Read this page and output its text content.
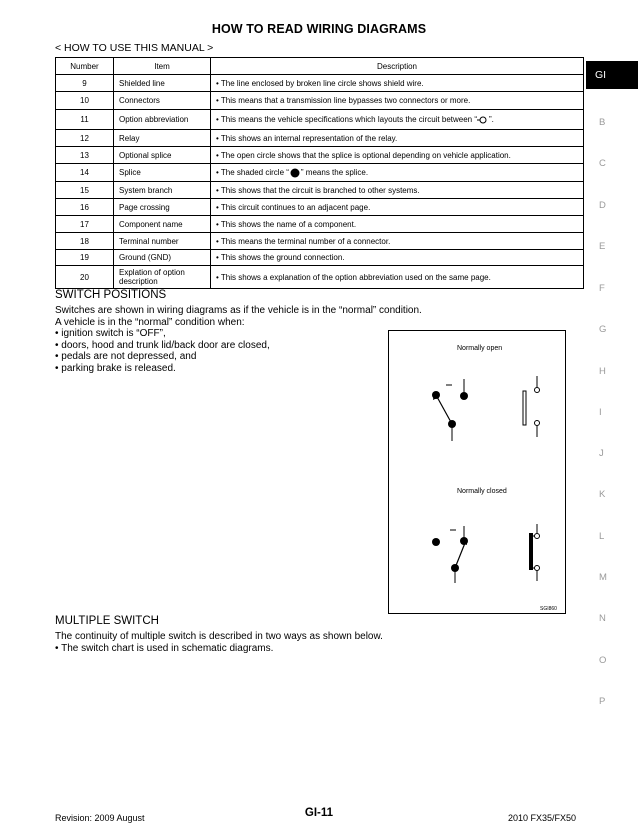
HOW TO READ WIRING DIAGRAMS
< HOW TO USE THIS MANUAL >
Number	Item	Description
9	Shielded line	• The line enclosed by broken line circle shows shield wire.
10	Connectors	• This means that a transmission line bypasses two connectors or more.
11	Option abbreviation	• This means the vehicle specifications which layouts the circuit between “ ”.
12	Relay	• This shows an internal representation of the relay.
13	Optional splice	• The open circle shows that the splice is optional depending on vehicle application.
14	Splice	• The shaded circle “ ” means the splice.
15	System branch	• This shows that the circuit is branched to other systems.
16	Page crossing	• This circuit continues to an adjacent page.
17	Component name	• This shows the name of a component.
18	Terminal number	• This means the terminal number of a connector.
19	Ground (GND)	• This shows the ground connection.
20	Explation of option description	• This shows a explanation of the option abbreviation used on the same page.
SWITCH POSITIONS
Switches are shown in wiring diagrams as if the vehicle is in the “normal” condition.
A vehicle is in the “normal” condition when:
• ignition switch is “OFF”,
• doors, hood and trunk lid/back door are closed,
• pedals are not depressed, and
• parking brake is released.
Normally open
Normally closed
SGI860
MULTIPLE SWITCH
The continuity of multiple switch is described in two ways as shown below.
• The switch chart is used in schematic diagrams.
GI
B
C
D
E
F
G
H
I
J
K
L
M
N
O
P
Revision: 2009 August	GI-11	2010 FX35/FX50
